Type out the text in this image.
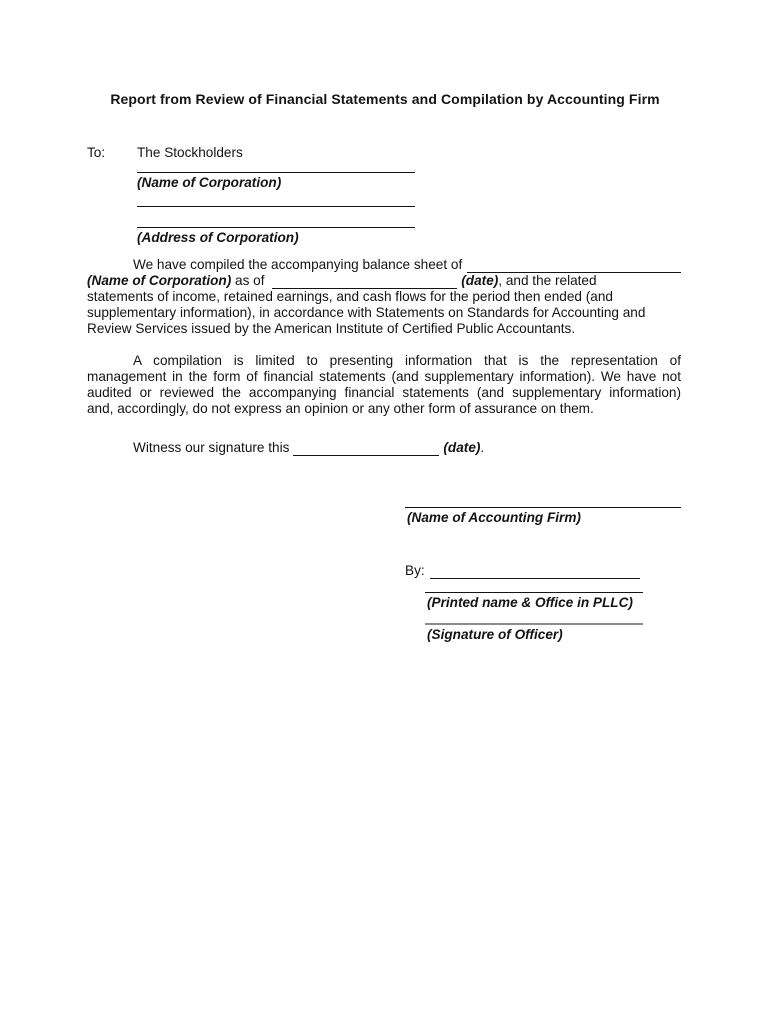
Report from Review of Financial Statements and Compilation by Accounting Firm
To: The Stockholders
(Name of Corporation)
(Address of Corporation)
We have compiled the accompanying balance sheet of
(Name of Corporation) as of	(date), and the related
statements of income, retained earnings, and cash flows for the period then ended (and
supplementary information), in accordance with Statements on Standards for Accounting and
Review Services issued by the American Institute of Certified Public Accountants.
A compilation is limited to presenting information that is the representation of
management in the form of financial statements (and supplementary information). We have not
audited or reviewed the accompanying financial statements (and supplementary information)
and, accordingly, do not express an opinion or any other form of assurance on them.
Witness our signature this	(date).
(Name of Accounting Firm)
By:
(Printed name & Office in PLLC)
(Signature of Officer)
